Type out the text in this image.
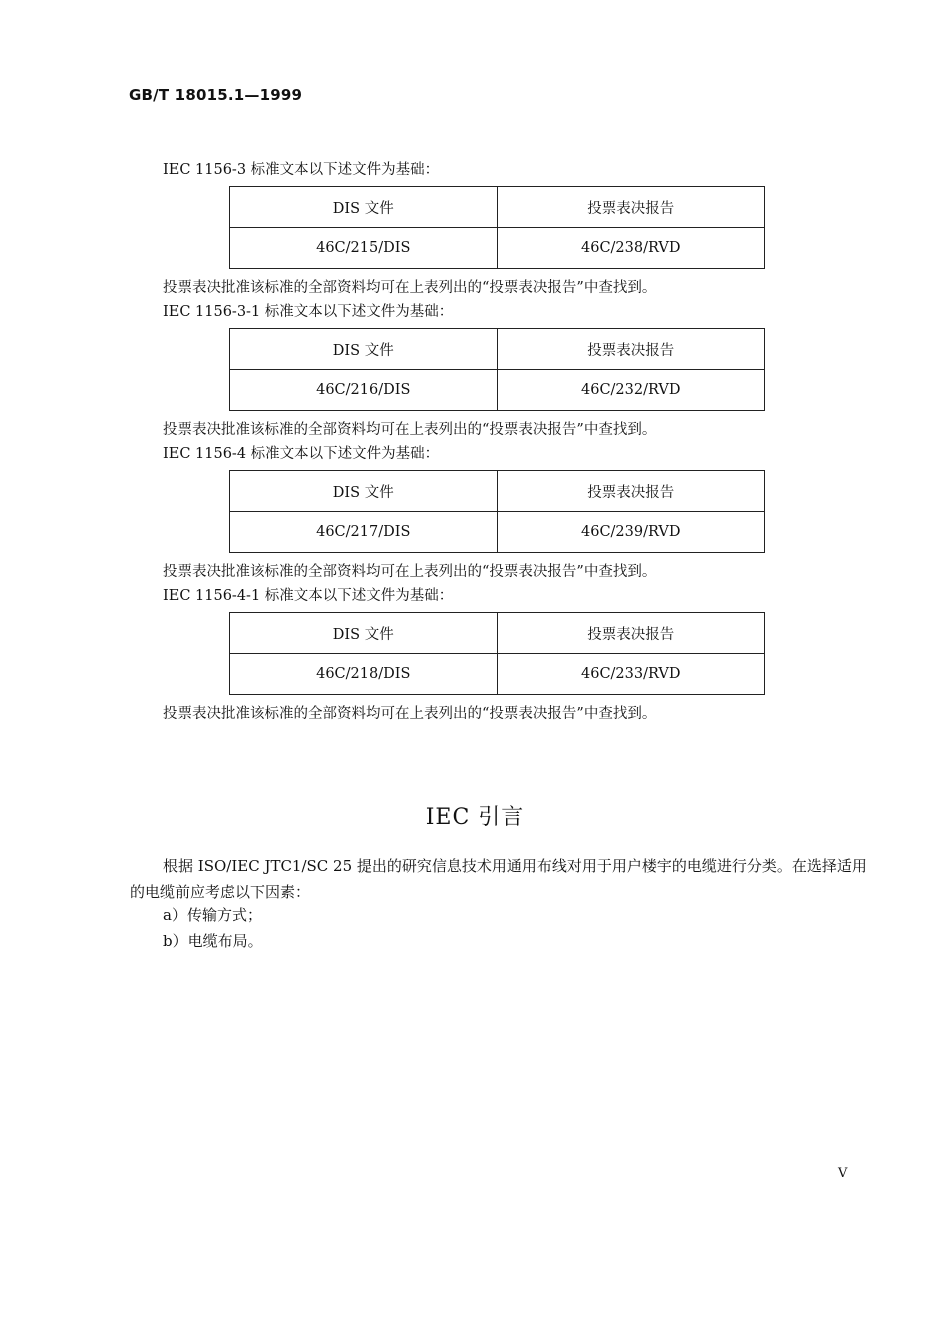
GB/T 18015.1—1999
IEC 1156-3 标准文本以下述文件为基础：
DIS 文件	投票表决报告
46C/215/DIS	46C/238/RVD
投票表决批准该标准的全部资料均可在上表列出的“投票表决报告”中查找到。
IEC 1156-3-1 标准文本以下述文件为基础：
DIS 文件	投票表决报告
46C/216/DIS	46C/232/RVD
投票表决批准该标准的全部资料均可在上表列出的“投票表决报告”中查找到。
IEC 1156-4 标准文本以下述文件为基础：
DIS 文件	投票表决报告
46C/217/DIS	46C/239/RVD
投票表决批准该标准的全部资料均可在上表列出的“投票表决报告”中查找到。
IEC 1156-4-1 标准文本以下述文件为基础：
DIS 文件	投票表决报告
46C/218/DIS	46C/233/RVD
投票表决批准该标准的全部资料均可在上表列出的“投票表决报告”中查找到。
IEC 引言
根据 ISO/IEC JTC1/SC 25 提出的研究信息技术用通用布线对用于用户楼宇的电缆进行分类。在选择适用的电缆前应考虑以下因素：
a）传输方式；
b）电缆布局。
V
